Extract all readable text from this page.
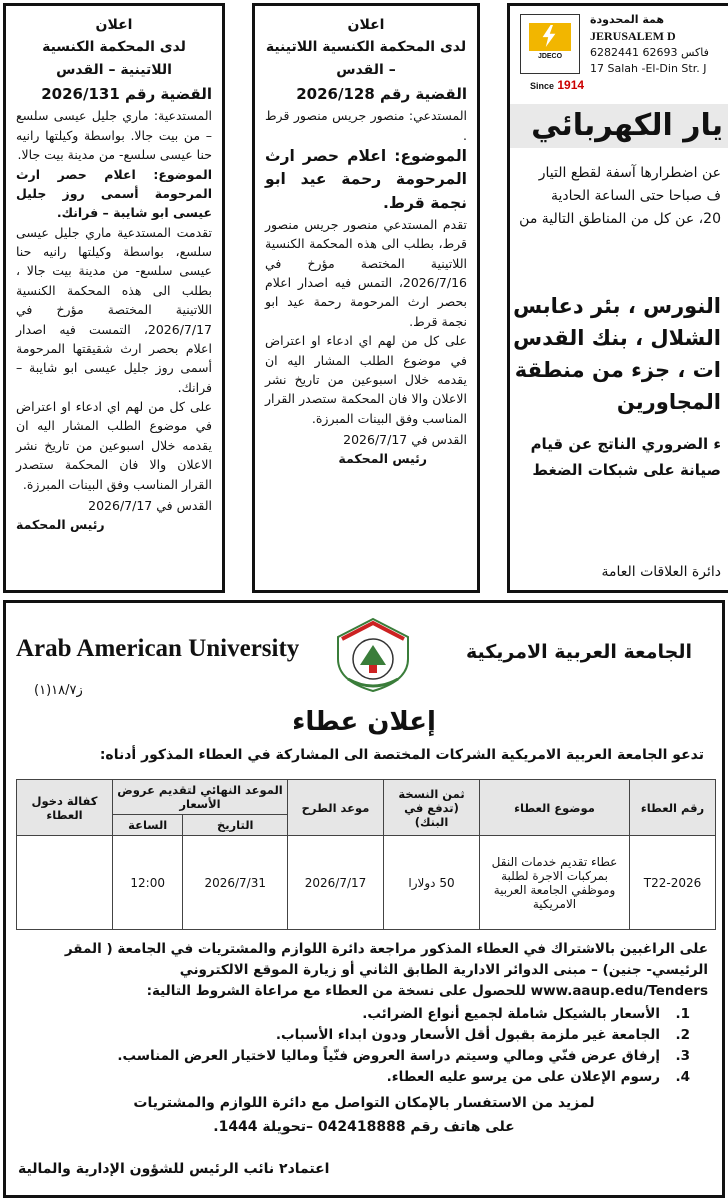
اعلان
لدى المحكمة الكنسية اللاتينية – القدس
القضية رقم 2026/131

المستدعية: ماري جليل عيسى سلسع – من بيت جالا. بواسطة وكيلتها رانيه حنا عيسى سلسع- من مدينة بيت جالا.

الموضوع: اعلام حصر ارث المرحومة أسمى روز جليل عيسى ابو شايبة – فرانك.

تقدمت المستدعية ماري جليل عيسى سلسع، بواسطة وكيلتها رانيه حنا عيسى سلسع- من مدينة بيت جالا ، بطلب الى هذه المحكمة الكنسية اللاتينية المختصة مؤرخ في 2026/7/17، التمست فيه اصدار اعلام بحصر ارث شقيقتها المرحومة أسمى روز جليل عيسى ابو شايبة –فرانك.

على كل من لهم اي ادعاء او اعتراض في موضوع الطلب المشار اليه ان يقدمه خلال اسبوعين من تاريخ نشر الاعلان والا فان المحكمة ستصدر القرار المناسب وفق البينات المبرزة.

القدس في 2026/7/17
رئيس المحكمة
اعلان
لدى المحكمة الكنسية اللاتينية – القدس
القضية رقم 2026/128

المستدعي: منصور جريس منصور قرط .

الموضوع: اعلام حصر ارث المرحومة رحمة عيد ابو نجمة قرط.

تقدم المستدعي منصور جريس منصور قرط، بطلب الى هذه المحكمة الكنسية اللاتينية المختصة مؤرخ في 2026/7/16، التمس فيه اصدار اعلام بحصر ارث المرحومة رحمة عيد ابو نجمة قرط.

على كل من لهم اي ادعاء او اعتراض في موضوع الطلب المشار اليه ان يقدمه خلال اسبوعين من تاريخ نشر الاعلان والا فان المحكمة ستصدر القرار المناسب وفق البينات المبرزة.

القدس في 2026/7/17
رئيس المحكمة
JDECO
Since 1914
همة المحدودة
JERUSALEM D
6282441 فاكس 62693
17 Salah -El-Din Str. J
يار الكهربائي
عن اضطرارها آسفة لقطع التيار
ف صباحا حتى الساعة الحادية
20، عن كل من المناطق التالية من
النورس ، بئر دعابس
الشلال ، بنك القدس
ات ، جزء من منطقة
المجاورين
ء الضروري الناتج عن قيام
صيانة على شبكات الضغط
دائرة العلاقات العامة
Arab American University	الجامعة العربية الامريكية
ز١٨/٧(١)
إعلان عطاء
تدعو الجامعة العربية الامريكية الشركات المختصة الى المشاركة في العطاء المذكور أدناه:
رقم العطاء	موضوع العطاء	ثمن النسخة (تدفع في البنك)	موعد الطرح	الموعد النهائي لتقديم عروض الأسعار		كفالة دخول العطاء
				التاريخ	الساعة	
T22-2026	عطاء تقديم خدمات النقل بمركبات الاجرة لطلبة وموظفي الجامعة العربية الامريكية	50 دولارا	2026/7/17	2026/7/31	12:00	
على الراغبين بالاشتراك في العطاء المذكور مراجعة دائرة اللوازم والمشتريات في الجامعة ( المقر الرئيسي- جنين) – مبنى الدوائر الادارية الطابق الثاني أو زيارة الموقع الالكتروني www.aaup.edu/Tenders للحصول على نسخة من العطاء مع مراعاة الشروط التالية:
1.الأسعار بالشيكل شاملة لجميع أنواع الضرائب.
2.الجامعة غير ملزمة بقبول أقل الأسعار ودون ابداء الأسباب.
3.إرفاق عرض فنّي ومالي وسيتم دراسة العروض فنّياً وماليا لاختيار العرض المناسب.
4.رسوم الإعلان على من يرسو عليه العطاء.
لمزيد من الاستفسار بالإمكان التواصل مع دائرة اللوازم والمشتريات
على هاتف رقم 042418888 –تحويلة 1444.
اعتماد٢ نائب الرئيس للشؤون الإدارية والمالية
